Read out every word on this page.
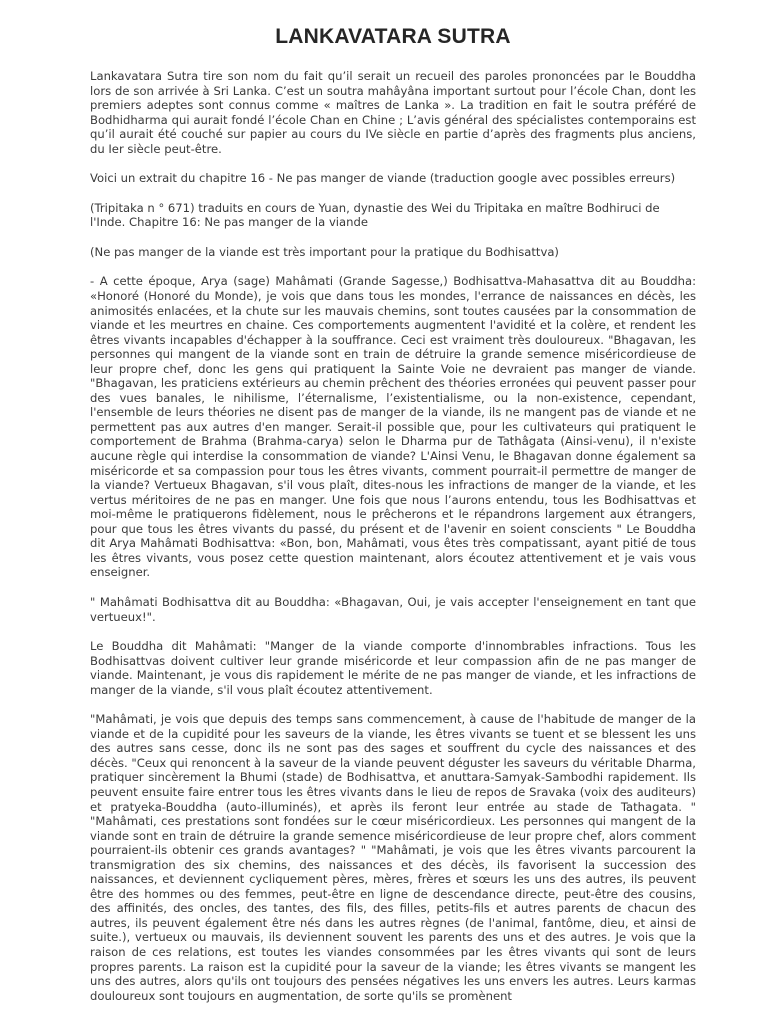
LANKAVATARA SUTRA

Lankavatara Sutra tire son nom du fait qu’il serait un recueil des paroles prononcées par le Bouddha lors de son arrivée à Sri Lanka. C’est un soutra mahâyâna important surtout pour l’école Chan, dont les premiers adeptes sont connus comme « maîtres de Lanka ». La tradition en fait le soutra préféré de Bodhidharma qui aurait fondé l’école Chan en Chine ; L’avis général des spécialistes contemporains est qu’il aurait été couché sur papier au cours du IVe siècle en partie d’après des fragments plus anciens, du Ier siècle peut-être.

Voici un extrait du chapitre 16 - Ne pas manger de viande (traduction google avec possibles erreurs)

(Tripitaka n ° 671) traduits en cours de Yuan, dynastie des Wei du Tripitaka en maître Bodhiruci de l'Inde. Chapitre 16: Ne pas manger de la viande

(Ne pas manger de la viande est très important pour la pratique du Bodhisattva)

- A cette époque, Arya (sage) Mahâmati (Grande Sagesse,) Bodhisattva-Mahasattva dit au Bouddha: «Honoré (Honoré du Monde), je vois que dans tous les mondes, l'errance de naissances en décès, les animosités enlacées, et la chute sur les mauvais chemins, sont toutes causées par la consommation de viande et les meurtres en chaine. Ces comportements augmentent l'avidité et la colère, et rendent les êtres vivants incapables d'échapper à la souffrance. Ceci est vraiment très douloureux. "Bhagavan, les personnes qui mangent de la viande sont en train de détruire la grande semence miséricordieuse de leur propre chef, donc les gens qui pratiquent la Sainte Voie ne devraient pas manger de viande. "Bhagavan, les praticiens extérieurs au chemin prêchent des théories erronées qui peuvent passer pour des vues banales, le nihilisme, l’éternalisme, l’existentialisme, ou la non-existence, cependant, l'ensemble de leurs théories ne disent pas de manger de la viande, ils ne mangent pas de viande et ne permettent pas aux autres d'en manger. Serait-il possible que, pour les cultivateurs qui pratiquent le comportement de Brahma (Brahma-carya) selon le Dharma pur de Tathâgata (Ainsi-venu), il n'existe aucune règle qui interdise la consommation de viande? L'Ainsi Venu, le Bhagavan donne également sa miséricorde et sa compassion pour tous les êtres vivants, comment pourrait-il permettre de manger de la viande? Vertueux Bhagavan, s'il vous plaît, dites-nous les infractions de manger de la viande, et les vertus méritoires de ne pas en manger. Une fois que nous l’aurons entendu, tous les Bodhisattvas et moi-même le pratiquerons fidèlement, nous le prêcherons et le répandrons largement aux étrangers, pour que tous les êtres vivants du passé, du présent et de l'avenir en soient conscients " Le Bouddha dit Arya Mahâmati Bodhisattva: «Bon, bon, Mahâmati, vous êtes très compatissant, ayant pitié de tous les êtres vivants, vous posez cette question maintenant, alors écoutez attentivement et je vais vous enseigner.

" Mahâmati Bodhisattva dit au Bouddha: «Bhagavan, Oui, je vais accepter l'enseignement en tant que vertueux!".

Le Bouddha dit Mahâmati: "Manger de la viande comporte d'innombrables infractions. Tous les Bodhisattvas doivent cultiver leur grande miséricorde et leur compassion afin de ne pas manger de viande. Maintenant, je vous dis rapidement le mérite de ne pas manger de viande, et les infractions de manger de la viande, s'il vous plaît écoutez attentivement.

"Mahâmati, je vois que depuis des temps sans commencement, à cause de l'habitude de manger de la viande et de la cupidité pour les saveurs de la viande, les êtres vivants se tuent et se blessent les uns des autres sans cesse, donc ils ne sont pas des sages et souffrent du cycle des naissances et des décès. "Ceux qui renoncent à la saveur de la viande peuvent déguster les saveurs du véritable Dharma, pratiquer sincèrement la Bhumi (stade) de Bodhisattva, et anuttara-Samyak-Sambodhi rapidement. Ils peuvent ensuite faire entrer tous les êtres vivants dans le lieu de repos de Sravaka (voix des auditeurs) et pratyeka-Bouddha (auto-illuminés), et après ils feront leur entrée au stade de Tathagata. " "Mahâmati, ces prestations sont fondées sur le cœur miséricordieux. Les personnes qui mangent de la viande sont en train de détruire la grande semence miséricordieuse de leur propre chef, alors comment pourraient-ils obtenir ces grands avantages? " "Mahâmati, je vois que les êtres vivants parcourent la transmigration des six chemins, des naissances et des décès, ils favorisent la succession des naissances, et deviennent cycliquement pères, mères, frères et sœurs les uns des autres, ils peuvent être des hommes ou des femmes, peut-être en ligne de descendance directe, peut-être des cousins, des affinités, des oncles, des tantes, des fils, des filles, petits-fils et autres parents de chacun des autres, ils peuvent également être nés dans les autres règnes (de l'animal, fantôme, dieu, et ainsi de suite.), vertueux ou mauvais, ils deviennent souvent les parents des uns et des autres. Je vois que la raison de ces relations, est toutes les viandes consommées par les êtres vivants qui sont de leurs propres parents. La raison est la cupidité pour la saveur de la viande; les êtres vivants se mangent les uns des autres, alors qu'ils ont toujours des pensées négatives les uns envers les autres. Leurs karmas douloureux sont toujours en augmentation, de sorte qu'ils se promènent
